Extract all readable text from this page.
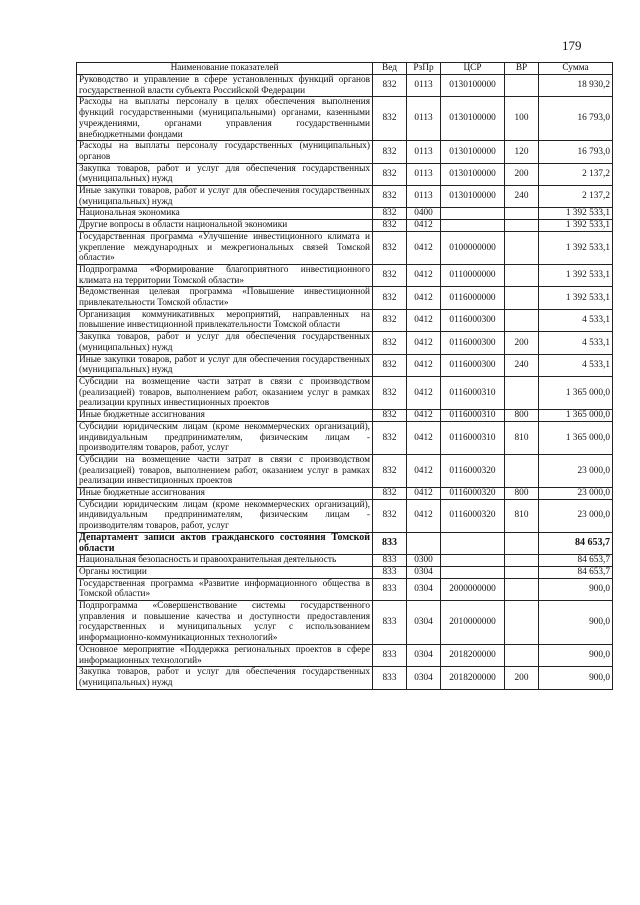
179
Наименование показателей	Вед	РзПр	ЦСР	ВР	Сумма
Руководство и управление в сфере установленных функций органов государственной власти субъекта Российской Федерации	832	0113	0130100000		18 930,2
Расходы на выплаты персоналу в целях обеспечения выполнения функций государственными (муниципальными) органами, казенными учреждениями, органами управления государственными внебюджетными фондами	832	0113	0130100000	100	16 793,0
Расходы на выплаты персоналу государственных (муниципальных) органов	832	0113	0130100000	120	16 793,0
Закупка товаров, работ и услуг для обеспечения государственных (муниципальных) нужд	832	0113	0130100000	200	2 137,2
Иные закупки товаров, работ и услуг для обеспечения государственных (муниципальных) нужд	832	0113	0130100000	240	2 137,2
Национальная экономика	832	0400			1 392 533,1
Другие вопросы в области национальной экономики	832	0412			1 392 533,1
Государственная программа «Улучшение инвестиционного климата и укрепление международных и межрегиональных связей Томской области»	832	0412	0100000000		1 392 533,1
Подпрограмма «Формирование благоприятного инвестиционного климата на территории Томской области»	832	0412	0110000000		1 392 533,1
Ведомственная целевая программа «Повышение инвестиционной привлекательности Томской области»	832	0412	0116000000		1 392 533,1
Организация коммуникативных мероприятий, направленных на повышение инвестиционной привлекательности Томской области	832	0412	0116000300		4 533,1
Закупка товаров, работ и услуг для обеспечения государственных (муниципальных) нужд	832	0412	0116000300	200	4 533,1
Иные закупки товаров, работ и услуг для обеспечения государственных (муниципальных) нужд	832	0412	0116000300	240	4 533,1
Субсидии на возмещение части затрат в связи с производством (реализацией) товаров, выполнением работ, оказанием услуг в рамках реализации крупных инвестиционных проектов	832	0412	0116000310		1 365 000,0
Иные бюджетные ассигнования	832	0412	0116000310	800	1 365 000,0
Субсидии юридическим лицам (кроме некоммерческих организаций), индивидуальным предпринимателям, физическим лицам - производителям товаров, работ, услуг	832	0412	0116000310	810	1 365 000,0
Субсидии на возмещение части затрат в связи с производством (реализацией) товаров, выполнением работ, оказанием услуг в рамках реализации инвестиционных проектов	832	0412	0116000320		23 000,0
Иные бюджетные ассигнования	832	0412	0116000320	800	23 000,0
Субсидии юридическим лицам (кроме некоммерческих организаций), индивидуальным предпринимателям, физическим лицам - производителям товаров, работ, услуг	832	0412	0116000320	810	23 000,0
Департамент записи актов гражданского состояния Томской области	833				84 653,7
Национальная безопасность и правоохранительная деятельность	833	0300			84 653,7
Органы юстиции	833	0304			84 653,7
Государственная программа «Развитие информационного общества в Томской области»	833	0304	2000000000		900,0
Подпрограмма «Совершенствование системы государственного управления и повышение качества и доступности предоставления государственных и муниципальных услуг с использованием информационно-коммуникационных технологий»	833	0304	2010000000		900,0
Основное мероприятие «Поддержка региональных проектов в сфере информационных технологий»	833	0304	2018200000		900,0
Закупка товаров, работ и услуг для обеспечения государственных (муниципальных) нужд	833	0304	2018200000	200	900,0
